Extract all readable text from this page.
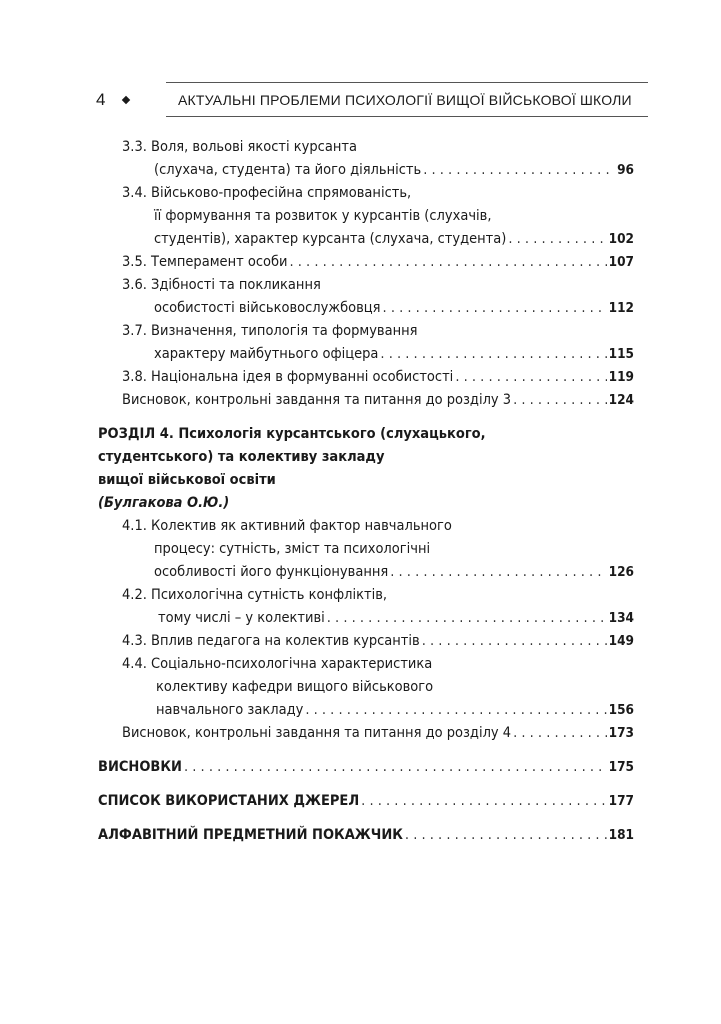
4	АКТУАЛЬНІ ПРОБЛЕМИ ПСИХОЛОГІЇ ВИЩОЇ ВІЙСЬКОВОЇ ШКОЛИ
3.3. Воля, вольові якості курсанта
(слухача, студента) та його діяльність . . .	96
3.4. Військово-професійна спрямованість,
її формування та розвиток у курсантів (слухачів,
студентів), характер курсанта (слухача, студента) . . .	102
3.5. Темперамент особи . . .	107
3.6. Здібності та покликання
особистості військовослужбовця . . .	112
3.7. Визначення, типологія та формування
характеру майбутнього офіцера . . .	115
3.8. Національна ідея в формуванні особистості . . .	119
Висновок, контрольні завдання та питання до розділу 3 . . .	124
РОЗДІЛ 4. Психологія курсантського (слухацького,
студентського) та колективу закладу
вищої військової освіти
(Булгакова О.Ю.)
4.1. Колектив як активний фактор навчального
процесу: сутність, зміст та психологічні
особливості його функціонування . . .	126
4.2. Психологічна сутність конфліктів,
тому числі – у колективі . . .	134
4.3. Вплив педагога на колектив курсантів . . .	149
4.4. Соціально-психологічна характеристика
колективу кафедри вищого військового
навчального закладу . . .	156
Висновок, контрольні завдання та питання до розділу 4 . . .	173
ВИСНОВКИ . . .	175
СПИСОК ВИКОРИСТАНИХ ДЖЕРЕЛ . . .	177
АЛФАВІТНИЙ ПРЕДМЕТНИЙ ПОКАЖЧИК . . .	181
